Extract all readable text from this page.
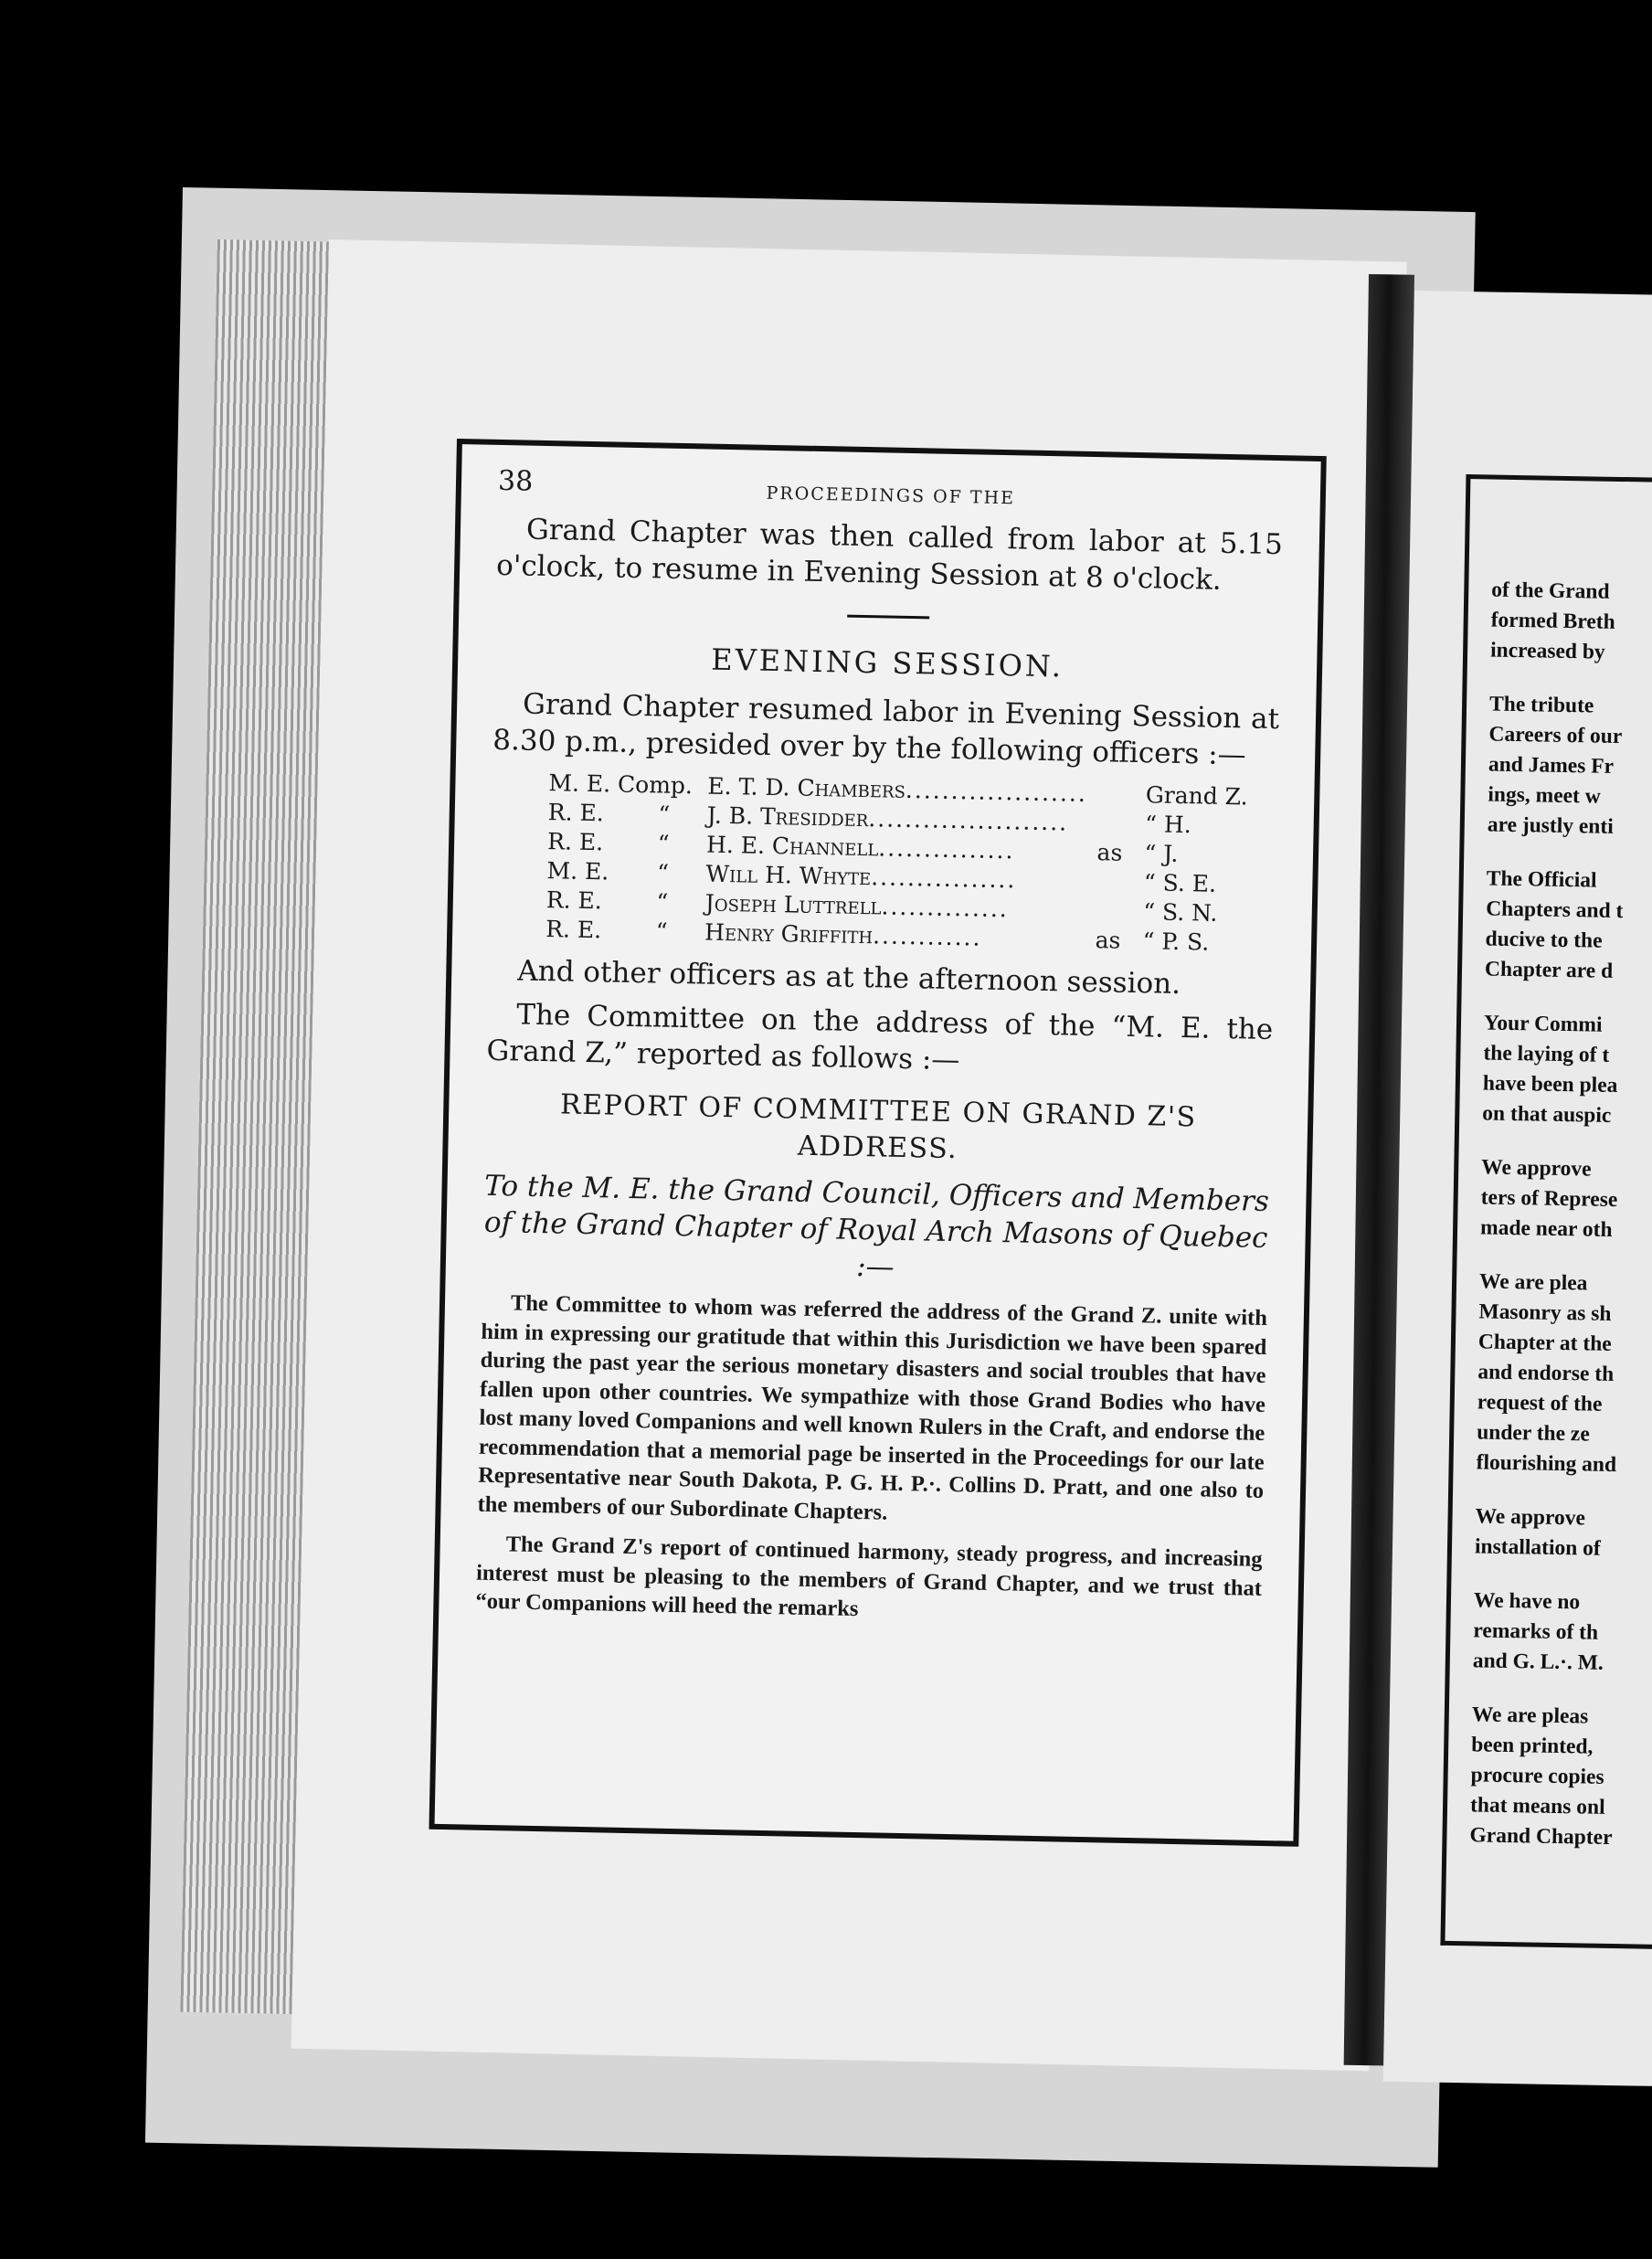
of the Grand
formed Breth
increased by
The tribute
Careers of our
and James Fr
ings, meet w
are justly enti
The Official
Chapters and t
ducive to the
Chapter are d
Your Commi
the laying of t
have been plea
on that auspic
We approve
ters of Represe
made near oth
We are plea
Masonry as sh
Chapter at the
and endorse th
request of the
under the ze
flourishing and
We approve
installation of
We have no
remarks of th
and G. L.·. M.
We are pleas
been printed,
procure copies
that means onl
Grand Chapter
38	PROCEEDINGS OF THE

Grand Chapter was then called from labor at 5.15 o'clock, to resume in Evening Session at 8 o'clock.

EVENING SESSION.

Grand Chapter resumed labor in Evening Session at 8.30 p.m., presided over by the following officers :—

M. E. Comp.		E. T. D. Chambers....................		Grand Z.
R. E.	“	J. B. Tresidder......................		“ H.
R. E.	“	H. E. Channell...............	as	“ J.
M. E.	“	Will H. Whyte................		“ S. E.
R. E.	“	Joseph Luttrell..............		“ S. N.
R. E.	“	Henry Griffith............	as	“ P. S.

And other officers as at the afternoon session.

The Committee on the address of the “M. E. the Grand Z,” reported as follows :—

REPORT OF COMMITTEE ON GRAND Z'S ADDRESS.

To the M. E. the Grand Council, Officers and Members of the Grand Chapter of Royal Arch Masons of Quebec :—

The Committee to whom was referred the address of the Grand Z. unite with him in expressing our gratitude that within this Jurisdiction we have been spared during the past year the serious monetary disasters and social troubles that have fallen upon other countries. We sympathize with those Grand Bodies who have lost many loved Companions and well known Rulers in the Craft, and endorse the recommendation that a memorial page be inserted in the Proceedings for our late Representative near South Dakota, P. G. H. P.·. Collins D. Pratt, and one also to the members of our Subordinate Chapters.

The Grand Z's report of continued harmony, steady progress, and increasing interest must be pleasing to the members of Grand Chapter, and we trust that “our Companions will heed the remarks
